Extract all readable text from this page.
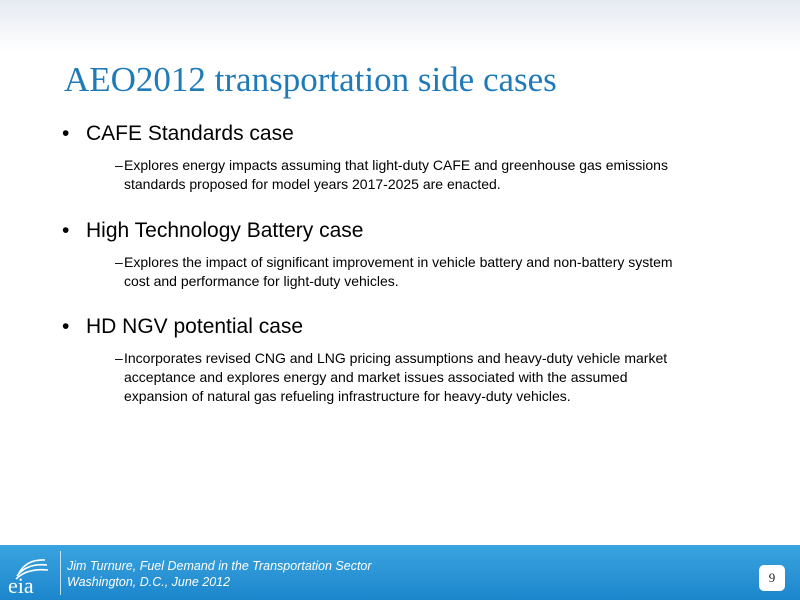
AEO2012 transportation side cases
• CAFE Standards case
– Explores energy impacts assuming that light-duty CAFE and greenhouse gas emissions
standards proposed for model years 2017-2025 are enacted.
• High Technology Battery case
– Explores the impact of significant improvement in vehicle battery and non-battery system
cost and performance for light-duty vehicles.
• HD NGV potential case
– Incorporates revised CNG and LNG pricing assumptions and heavy-duty vehicle market
acceptance and explores energy and market issues associated with the assumed
expansion of natural gas refueling infrastructure for heavy-duty vehicles.
eia
Jim Turnure, Fuel Demand in the Transportation Sector
Washington, D.C., June 2012	9
